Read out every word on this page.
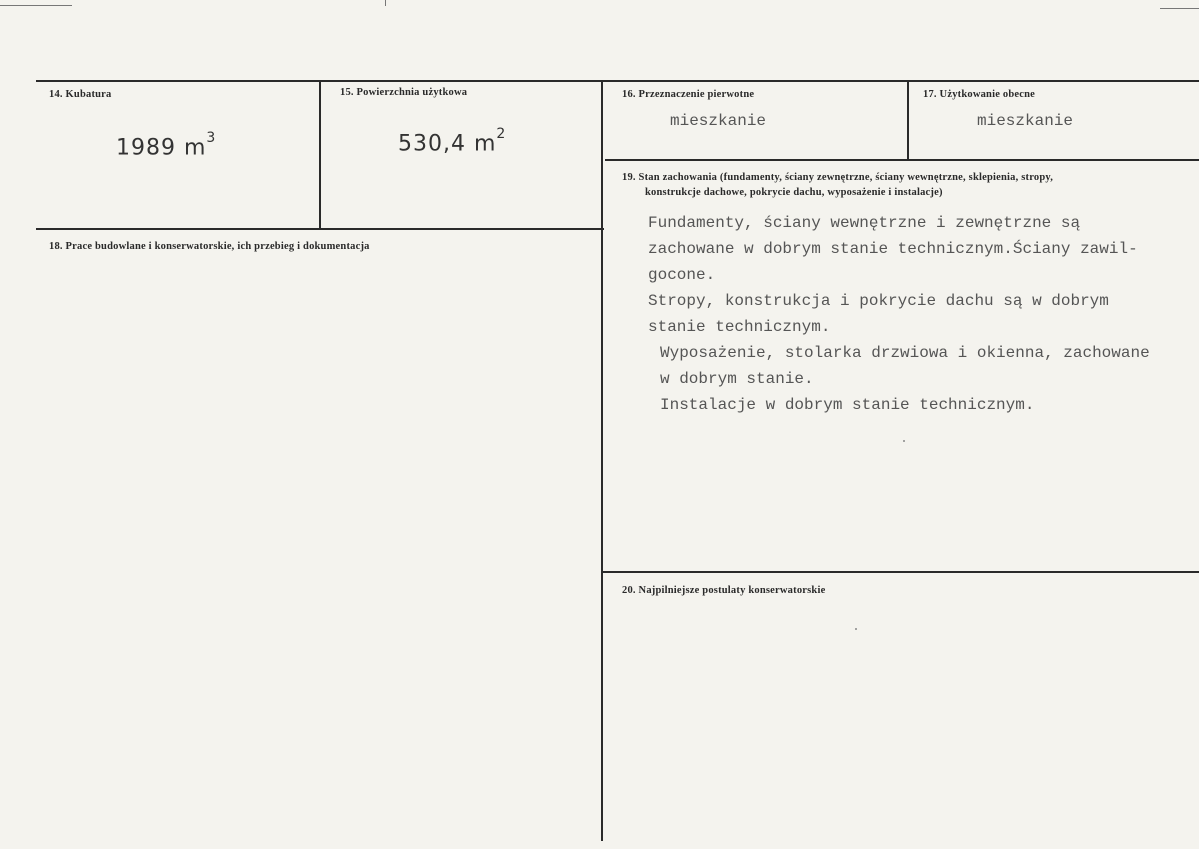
14. Kubatura
1989 $m^3$
15. Powierzchnia użytkowa
530,4 $m^2$
16. Przeznaczenie pierwotne
mieszkanie
17. Użytkowanie obecne
mieszkanie
18. Prace budowlane i konserwatorskie, ich przebieg i dokumentacja
19. Stan zachowania (fundamenty, ściany zewnętrzne, ściany wewnętrzne, sklepienia, stropy,
konstrukcje dachowe, pokrycie dachu, wyposażenie i instalacje)
Fundamenty, ściany wewnętrzne i zewnętrzne są
zachowane w dobrym stanie technicznym.Ściany zawil-
gocone.
Stropy, konstrukcja i pokrycie dachu są w dobrym
stanie technicznym.
Wyposażenie, stolarka drzwiowa i okienna, zachowane
w dobrym stanie.
Instalacje w dobrym stanie technicznym.
20. Najpilniejsze postulaty konserwatorskie
